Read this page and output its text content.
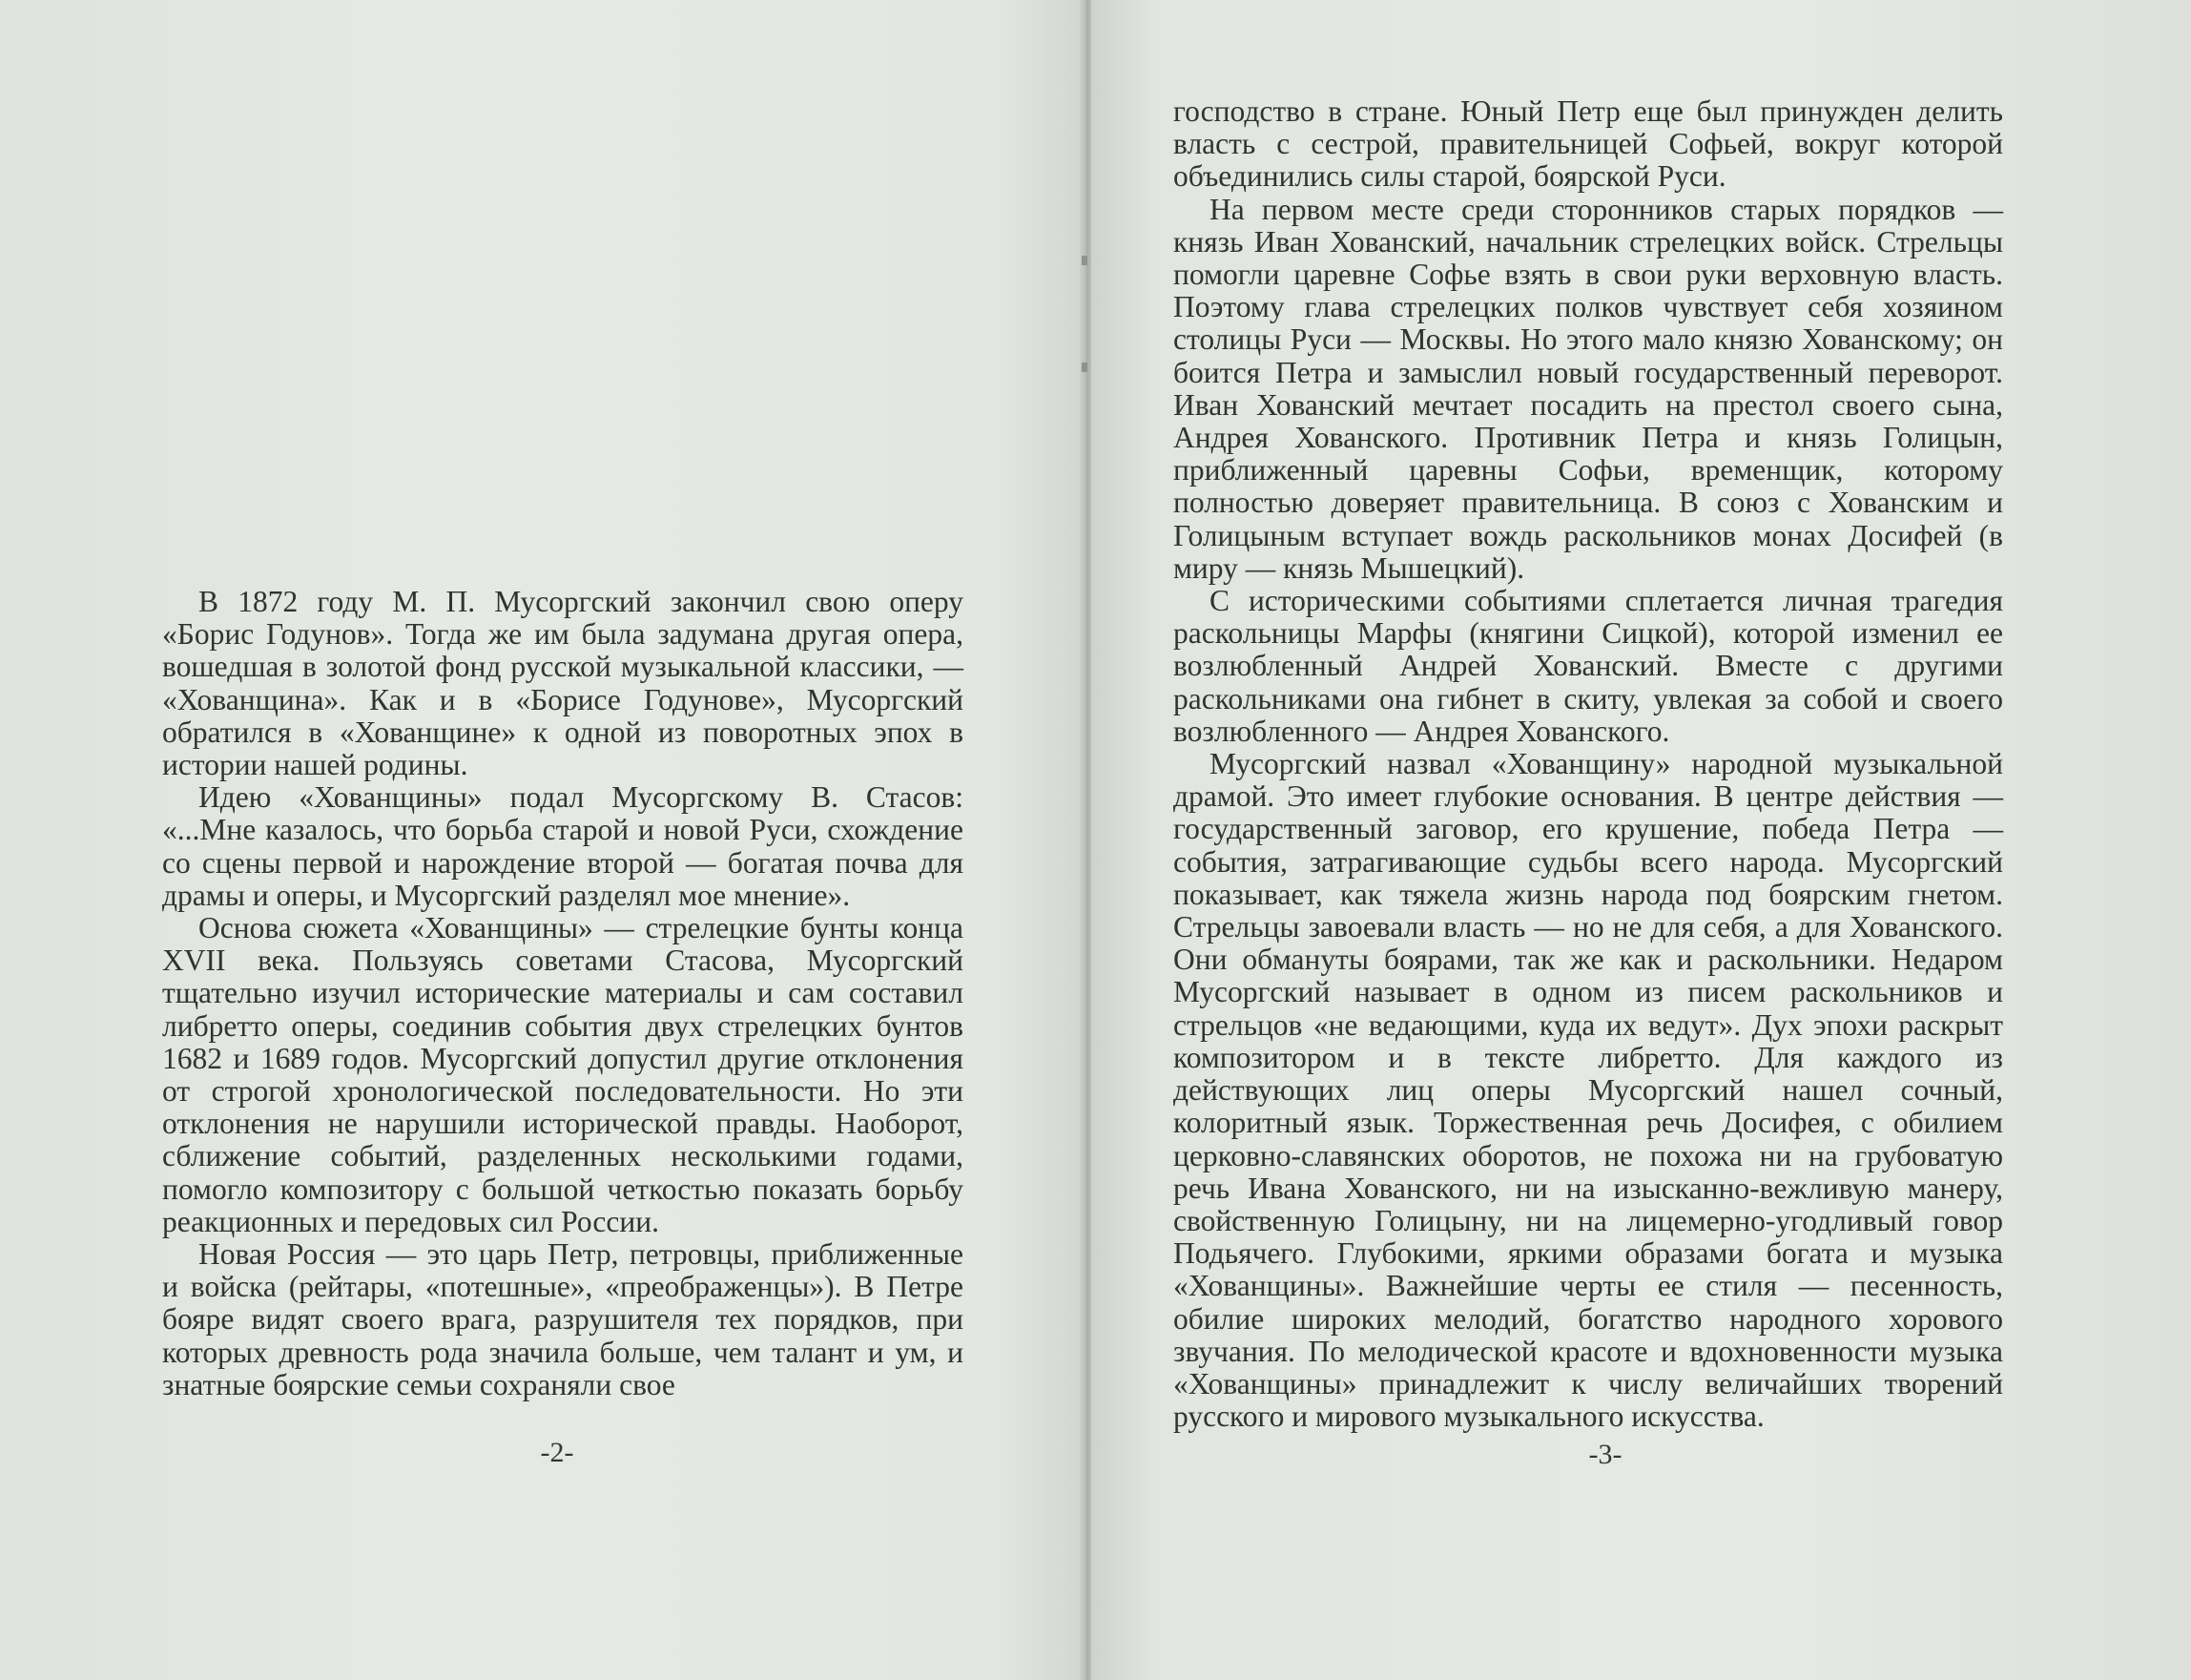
В 1872 году М. П. Мусоргский закончил свою оперу «Борис Годунов». Тогда же им была задумана другая опера, вошедшая в золотой фонд русской музыкальной классики, — «Хованщина». Как и в «Борисе Годунове», Мусоргский обратился в «Хованщине» к одной из поворотных эпох в истории нашей родины.

Идею «Хованщины» подал Мусоргскому В. Стасов: «...Мне казалось, что борьба старой и новой Руси, схождение со сцены первой и нарождение второй — богатая почва для драмы и оперы, и Мусоргский разделял мое мнение».

Основа сюжета «Хованщины» — стрелецкие бунты конца XVII века. Пользуясь советами Стасова, Мусоргский тщательно изучил исторические материалы и сам составил либретто оперы, соединив события двух стрелецких бунтов 1682 и 1689 годов. Мусоргский допустил другие отклонения от строгой хронологической последовательности. Но эти отклонения не нарушили исторической правды. Наоборот, сближение событий, разделенных несколькими годами, помогло композитору с большой четкостью показать борьбу реакционных и передовых сил России.

Новая Россия — это царь Петр, петровцы, приближенные и войска (рейтары, «потешные», «преображенцы»). В Петре бояре видят своего врага, разрушителя тех порядков, при которых древность рода значила больше, чем талант и ум, и знатные боярские семьи сохраняли свое

-2-

господство в стране. Юный Петр еще был принужден делить власть с сестрой, правительницей Софьей, вокруг которой объединились силы старой, боярской Руси.

На первом месте среди сторонников старых порядков — князь Иван Хованский, начальник стрелецких войск. Стрельцы помогли царевне Софье взять в свои руки верховную власть. Поэтому глава стрелецких полков чувствует себя хозяином столицы Руси — Москвы. Но этого мало князю Хованскому; он боится Петра и замыслил новый государственный переворот. Иван Хованский мечтает посадить на престол своего сына, Андрея Хованского. Противник Петра и князь Голицын, приближенный царевны Софьи, временщик, которому полностью доверяет правительница. В союз с Хованским и Голицыным вступает вождь раскольников монах Досифей (в миру — князь Мышецкий).

С историческими событиями сплетается личная трагедия раскольницы Марфы (княгини Сицкой), которой изменил ее возлюбленный Андрей Хованский. Вместе с другими раскольниками она гибнет в скиту, увлекая за собой и своего возлюбленного — Андрея Хованского.

Мусоргский назвал «Хованщину» народной музыкальной драмой. Это имеет глубокие основания. В центре действия — государственный заговор, его крушение, победа Петра — события, затрагивающие судьбы всего народа. Мусоргский показывает, как тяжела жизнь народа под боярским гнетом. Стрельцы завоевали власть — но не для себя, а для Хованского. Они обмануты боярами, так же как и раскольники. Недаром Мусоргский называет в одном из писем раскольников и стрельцов «не ведающими, куда их ведут». Дух эпохи раскрыт композитором и в тексте либретто. Для каждого из действующих лиц оперы Мусоргский нашел сочный, колоритный язык. Торжественная речь Досифея, с обилием церковно-славянских оборотов, не похожа ни на грубоватую речь Ивана Хованского, ни на изысканно-вежливую манеру, свойственную Голицыну, ни на лицемерно-угодливый говор Подьячего. Глубокими, яркими образами богата и музыка «Хованщины». Важнейшие черты ее стиля — песенность, обилие широких мелодий, богатство народного хорового звучания. По мелодической красоте и вдохновенности музыка «Хованщины» принадлежит к числу величайших творений русского и мирового музыкального искусства.

-3-
